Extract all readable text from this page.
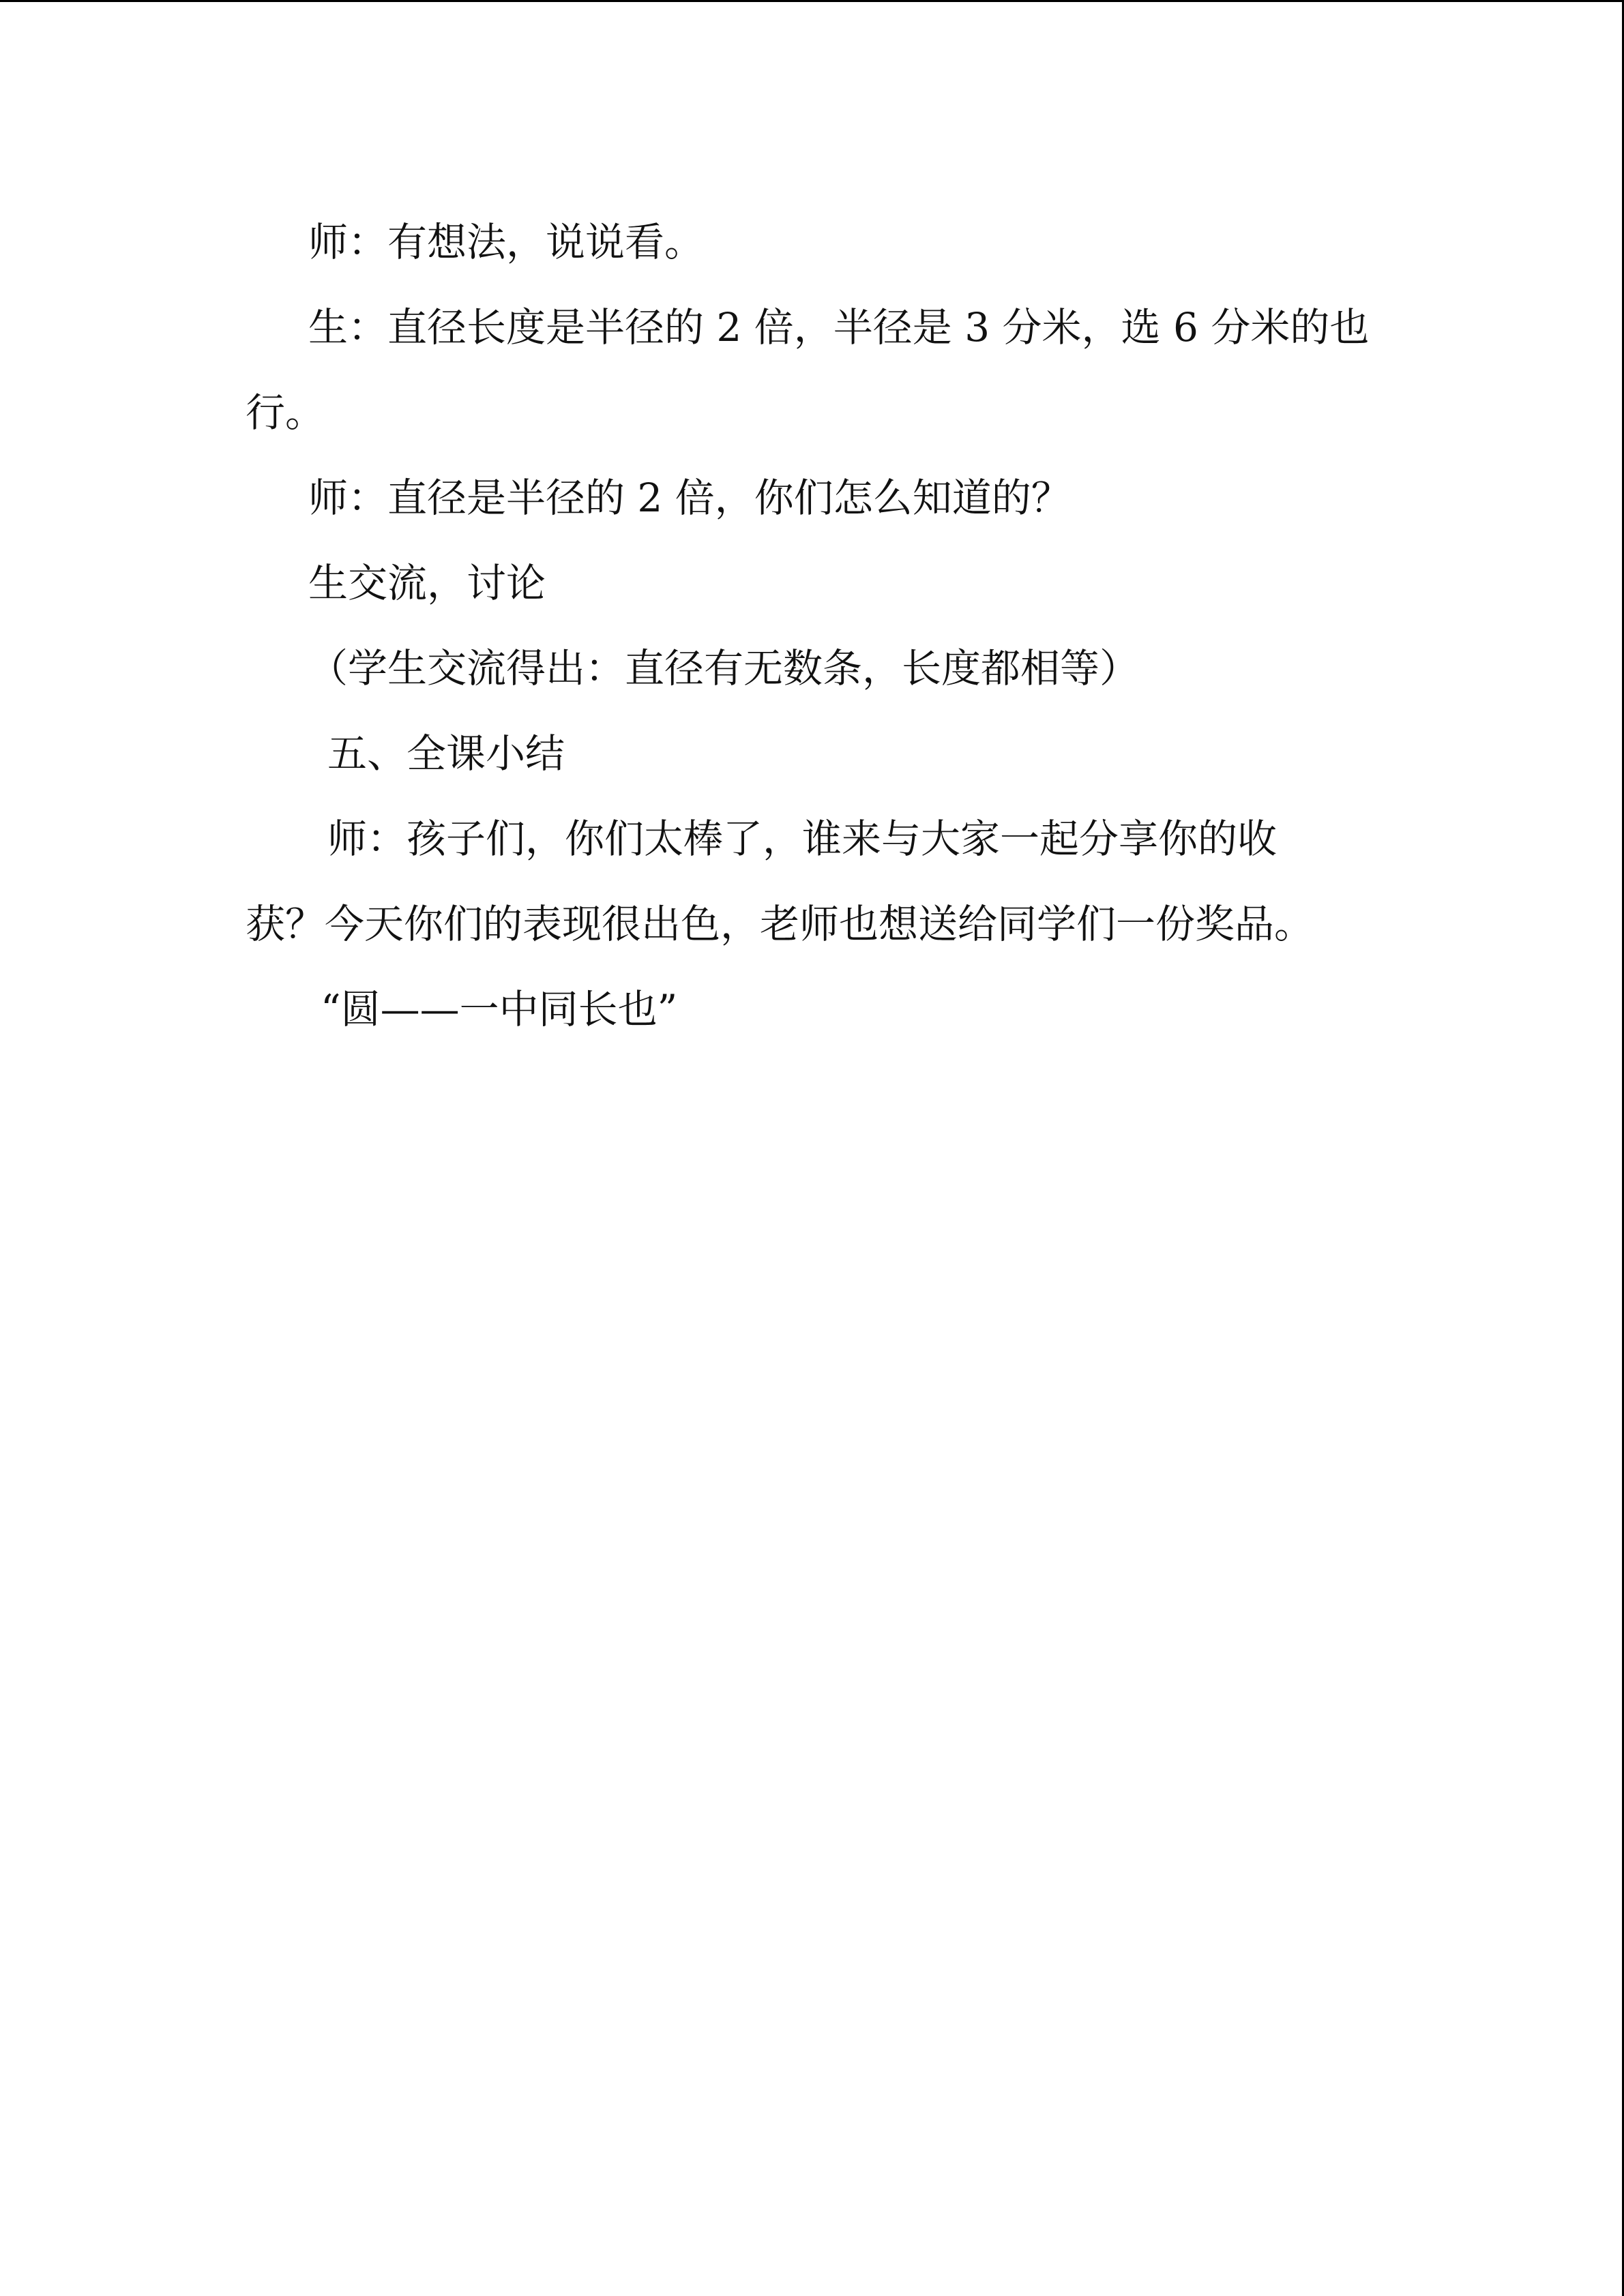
师：有想法，说说看。
生：直径长度是半径的 2 倍，半径是 3 分米，选 6 分米的也
行。
师：直径是半径的 2 倍，你们怎么知道的？
生交流，讨论
（学生交流得出：直径有无数条，长度都相等）
五、全课小结
师：孩子们，你们太棒了，谁来与大家一起分享你的收
获？今天你们的表现很出色，老师也想送给同学们一份奖品。
“圆——一中同长也”
